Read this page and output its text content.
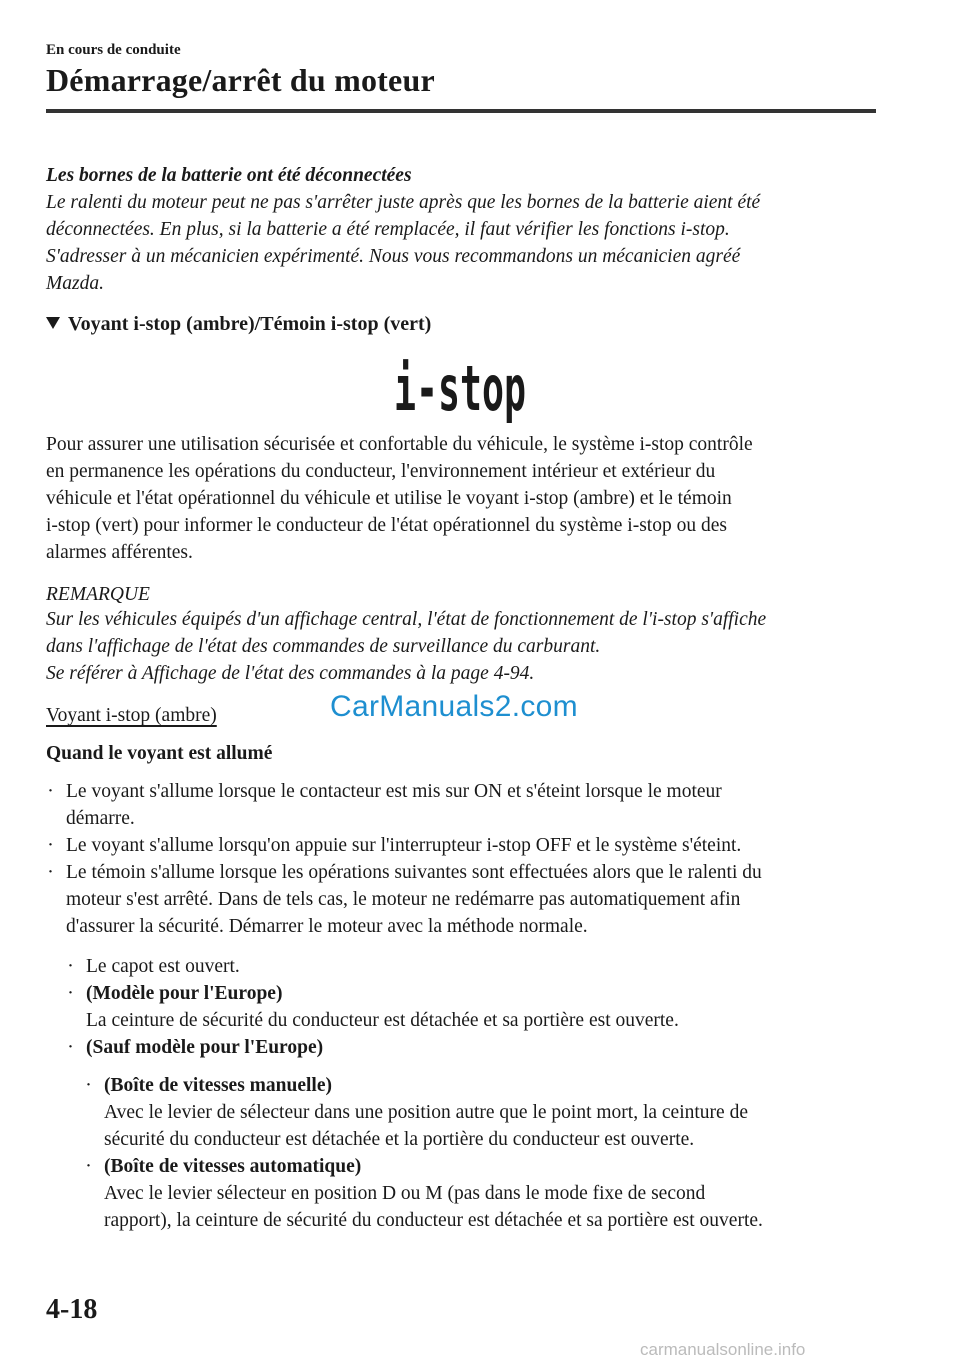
En cours de conduite
Démarrage/arrêt du moteur
Les bornes de la batterie ont été déconnectées
Le ralenti du moteur peut ne pas s'arrêter juste après que les bornes de la batterie aient été
déconnectées. En plus, si la batterie a été remplacée, il faut vérifier les fonctions i-stop.
S'adresser à un mécanicien expérimenté. Nous vous recommandons un mécanicien agréé
Mazda.
Voyant i-stop (ambre)/Témoin i-stop (vert)
i-stop
Pour assurer une utilisation sécurisée et confortable du véhicule, le système i-stop contrôle
en permanence les opérations du conducteur, l'environnement intérieur et extérieur du
véhicule et l'état opérationnel du véhicule et utilise le voyant i-stop (ambre) et le témoin
i-stop (vert) pour informer le conducteur de l'état opérationnel du système i-stop ou des
alarmes afférentes.
REMARQUE
Sur les véhicules équipés d'un affichage central, l'état de fonctionnement de l'i-stop s'affiche
dans l'affichage de l'état des commandes de surveillance du carburant.
Se référer à Affichage de l'état des commandes à la page 4-94.
Voyant i-stop (ambre)	CarManuals2.com
Quand le voyant est allumé
· Le voyant s'allume lorsque le contacteur est mis sur ON et s'éteint lorsque le moteur
démarre.
· Le voyant s'allume lorsqu'on appuie sur l'interrupteur i-stop OFF et le système s'éteint.
· Le témoin s'allume lorsque les opérations suivantes sont effectuées alors que le ralenti du
moteur s'est arrêté. Dans de tels cas, le moteur ne redémarre pas automatiquement afin
d'assurer la sécurité. Démarrer le moteur avec la méthode normale.
· Le capot est ouvert.
· (Modèle pour l'Europe)
La ceinture de sécurité du conducteur est détachée et sa portière est ouverte.
· (Sauf modèle pour l'Europe)
· (Boîte de vitesses manuelle)
Avec le levier de sélecteur dans une position autre que le point mort, la ceinture de
sécurité du conducteur est détachée et la portière du conducteur est ouverte.
· (Boîte de vitesses automatique)
Avec le levier sélecteur en position D ou M (pas dans le mode fixe de second
rapport), la ceinture de sécurité du conducteur est détachée et sa portière est ouverte.
4-18
carmanualsonline.info
